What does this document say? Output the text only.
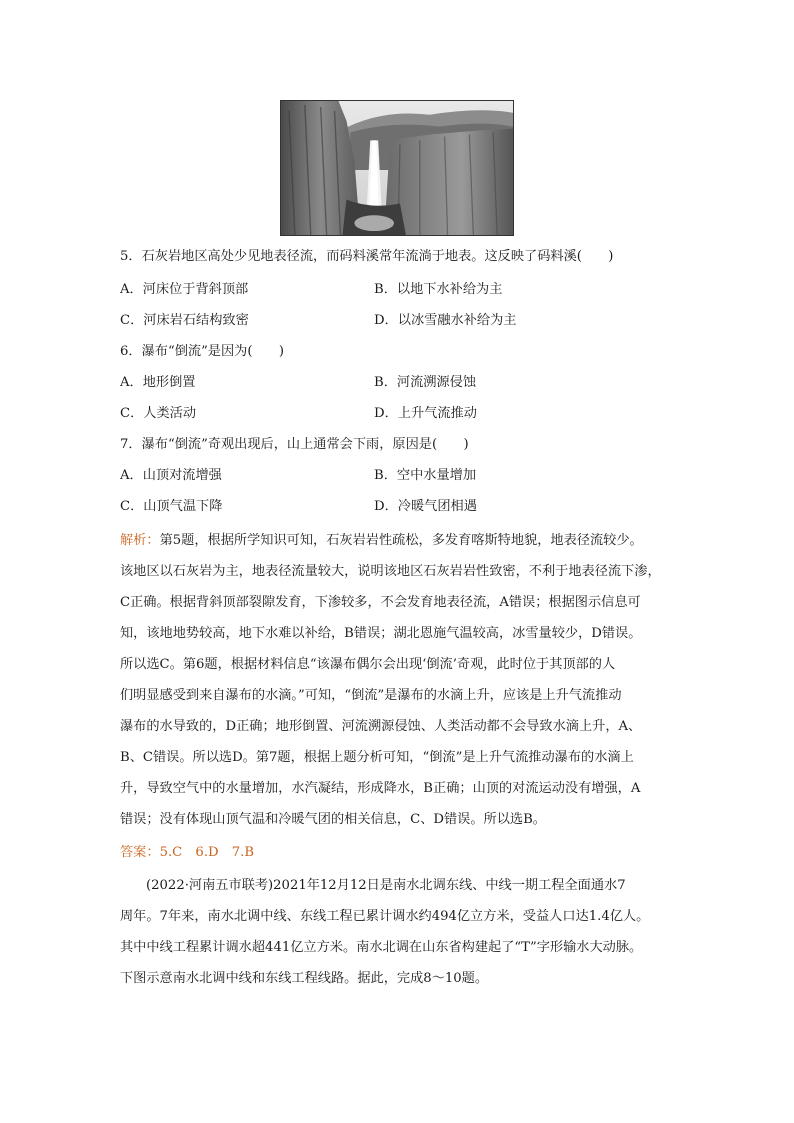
5．石灰岩地区高处少见地表径流，而码料溪常年流淌于地表。这反映了码料溪(　　)
A．河床位于背斜顶部	B．以地下水补给为主
C．河床岩石结构致密	D．以冰雪融水补给为主
6．瀑布“倒流”是因为(　　)
A．地形倒置	B．河流溯源侵蚀
C．人类活动	D．上升气流推动
7．瀑布“倒流”奇观出现后，山上通常会下雨，原因是(　　)
A．山顶对流增强	B．空中水量增加
C．山顶气温下降	D．冷暖气团相遇
解析：第5题，根据所学知识可知，石灰岩岩性疏松，多发育喀斯特地貌，地表径流较少。
该地区以石灰岩为主，地表径流量较大，说明该地区石灰岩岩性致密，不利于地表径流下渗，
C正确。根据背斜顶部裂隙发育，下渗较多，不会发育地表径流，A错误；根据图示信息可
知，该地地势较高，地下水难以补给，B错误；湖北恩施气温较高，冰雪量较少，D错误。
所以选C。第6题，根据材料信息“该瀑布偶尔会出现‘倒流’奇观，此时位于其顶部的人
们明显感受到来自瀑布的水滴。”可知，“倒流”是瀑布的水滴上升，应该是上升气流推动
瀑布的水导致的，D正确；地形倒置、河流溯源侵蚀、人类活动都不会导致水滴上升，A、
B、C错误。所以选D。第7题，根据上题分析可知，“倒流”是上升气流推动瀑布的水滴上
升，导致空气中的水量增加，水汽凝结，形成降水，B正确；山顶的对流运动没有增强，A
错误；没有体现山顶气温和冷暖气团的相关信息，C、D错误。所以选B。
答案：5.C　6.D　7.B
(2022·河南五市联考)2021年12月12日是南水北调东线、中线一期工程全面通水7
周年。7年来，南水北调中线、东线工程已累计调水约494亿立方米，受益人口达1.4亿人。
其中中线工程累计调水超441亿立方米。南水北调在山东省构建起了“T”字形输水大动脉。
下图示意南水北调中线和东线工程线路。据此，完成8～10题。
